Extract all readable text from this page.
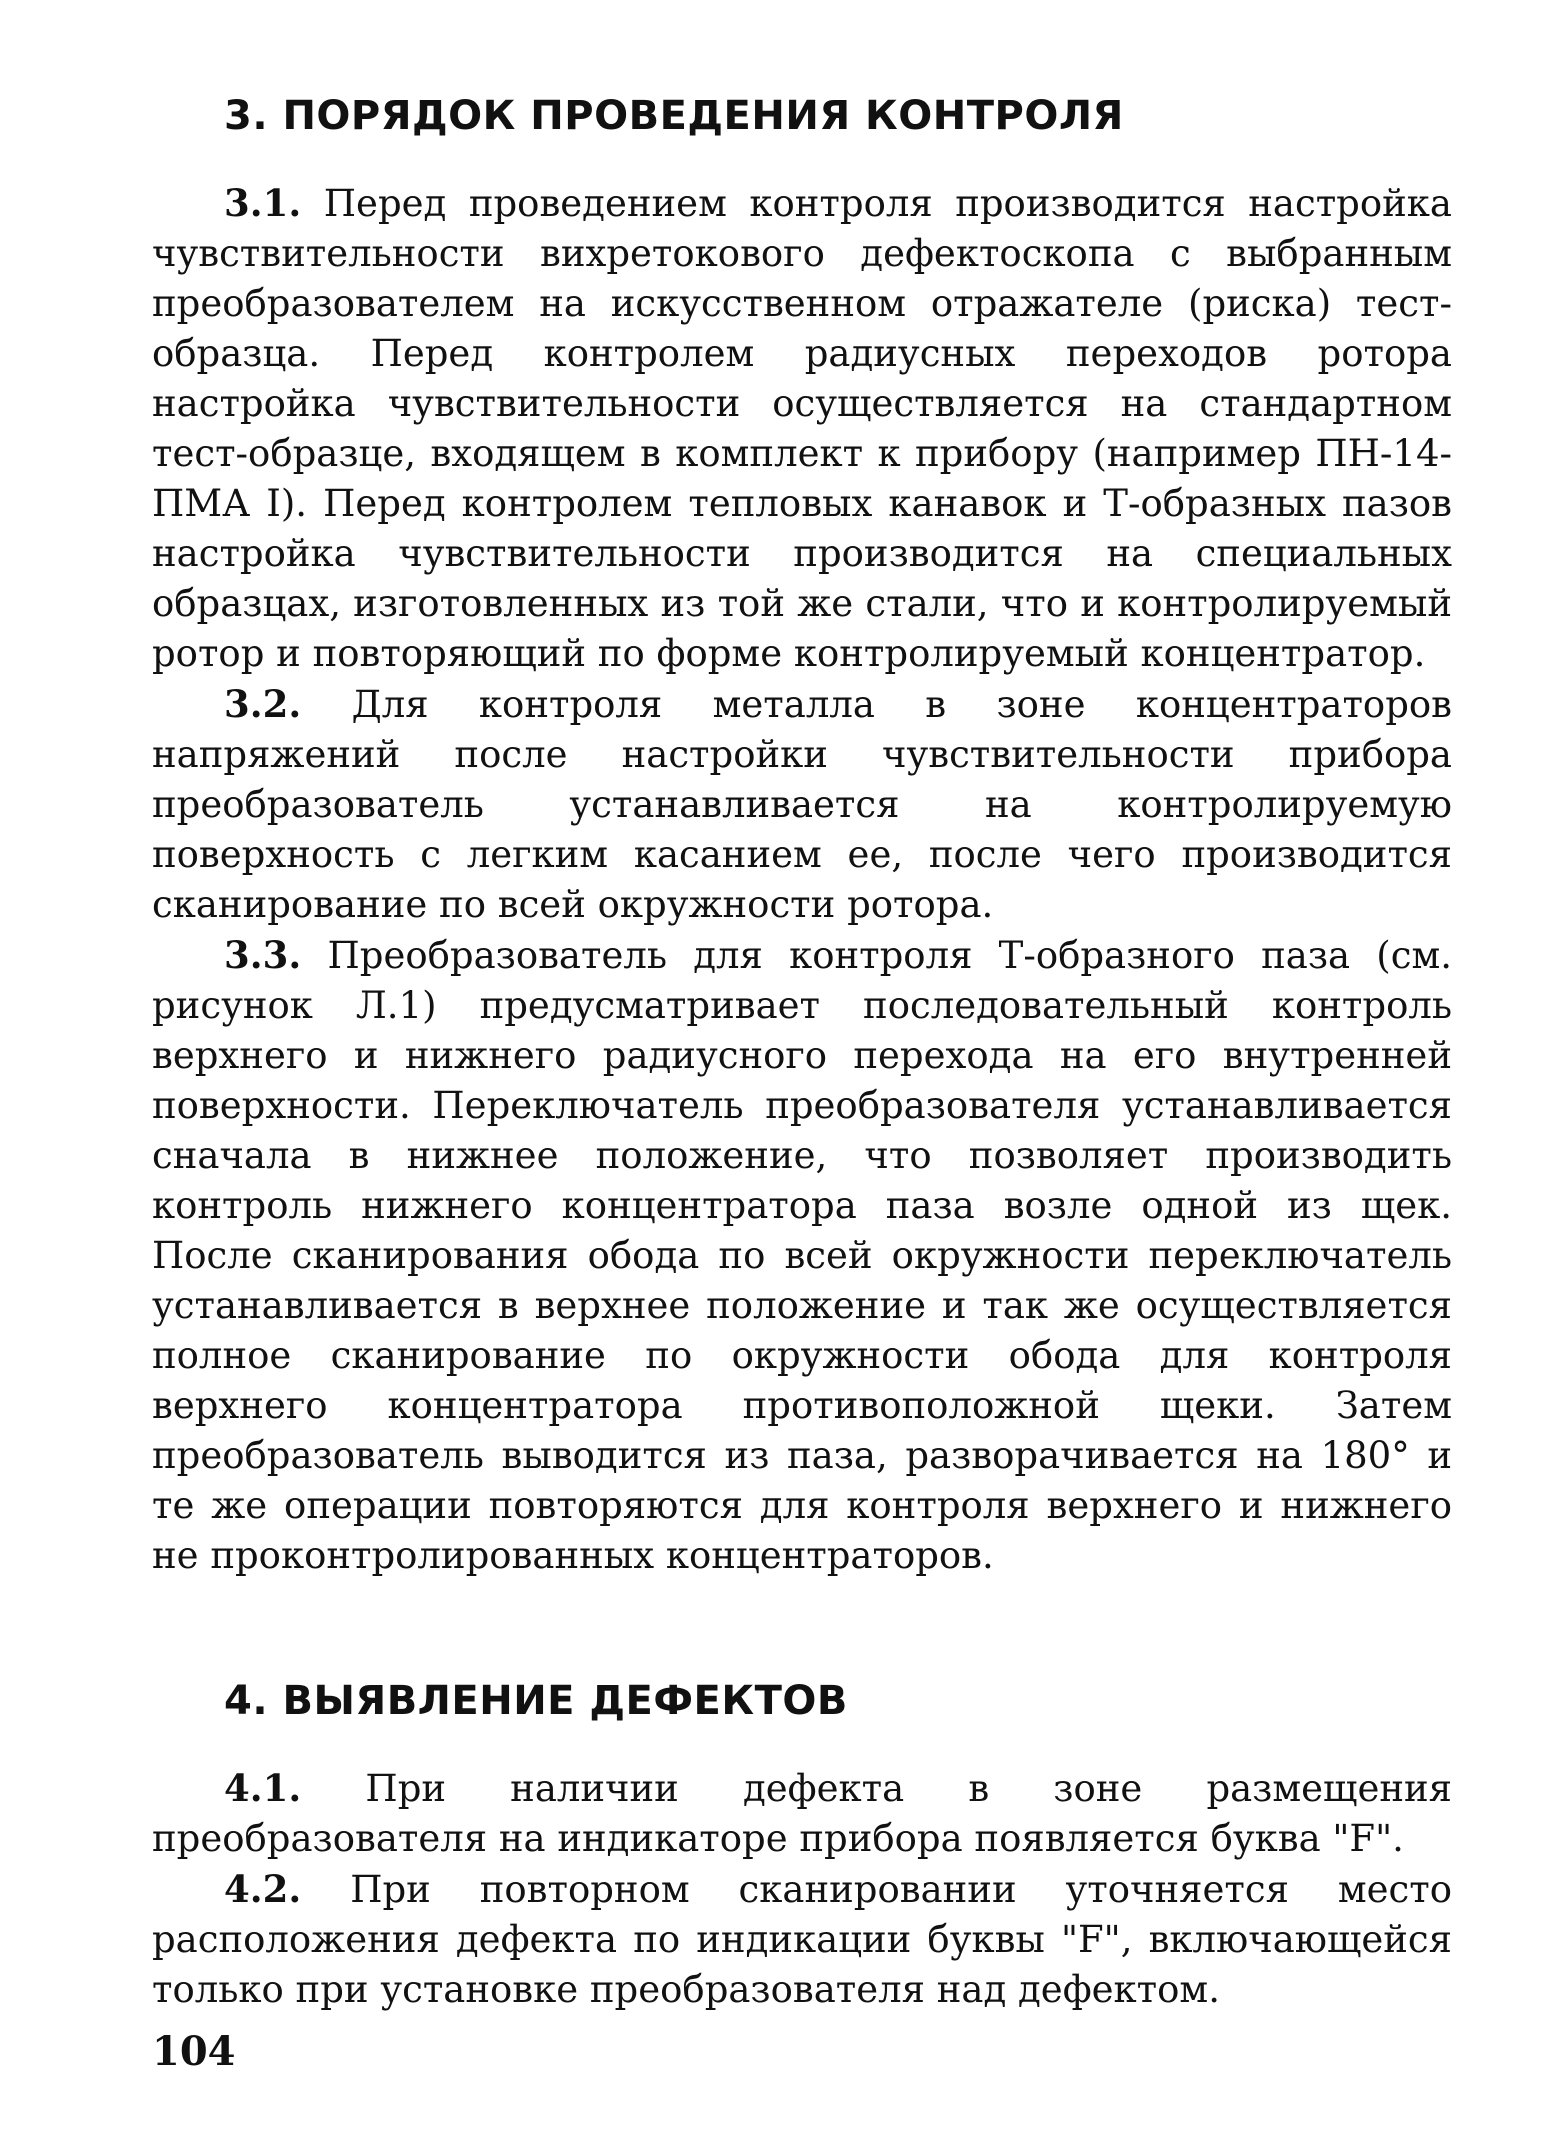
3. ПОРЯДОК ПРОВЕДЕНИЯ КОНТРОЛЯ

3.1. Перед проведением контроля производится настройка чувствительности вихретокового дефектоскопа с выбранным преобразователем на искусственном отражателе (риска) тест-образца. Перед контролем радиусных переходов ротора настройка чувствительности осуществляется на стандартном тест-образце, входящем в комплект к прибору (например ПН-14-ПМА I). Перед контролем тепловых канавок и Т-образных пазов настройка чувствительности производится на специальных образцах, изготовленных из той же стали, что и контролируемый ротор и повторяющий по форме контролируемый концентратор.

3.2. Для контроля металла в зоне концентраторов напряжений после настройки чувствительности прибора преобразователь устанавливается на контролируемую поверхность с легким касанием ее, после чего производится сканирование по всей окружности ротора.

3.3. Преобразователь для контроля Т-образного паза (см. рисунок Л.1) предусматривает последовательный контроль верхнего и нижнего радиусного перехода на его внутренней поверхности. Переключатель преобразователя устанавливается сначала в нижнее положение, что позволяет производить контроль нижнего концентратора паза возле одной из щек. После сканирования обода по всей окружности переключатель устанавливается в верхнее положение и так же осуществляется полное сканирование по окружности обода для контроля верхнего концентратора противоположной щеки. Затем преобразователь выводится из паза, разворачивается на 180° и те же операции повторяются для контроля верхнего и нижнего не проконтролированных концентраторов.

4. ВЫЯВЛЕНИЕ ДЕФЕКТОВ

4.1. При наличии дефекта в зоне размещения преобразователя на индикаторе прибора появляется буква "F".

4.2. При повторном сканировании уточняется место расположения дефекта по индикации буквы "F", включающейся только при установке преобразователя над дефектом.

104
